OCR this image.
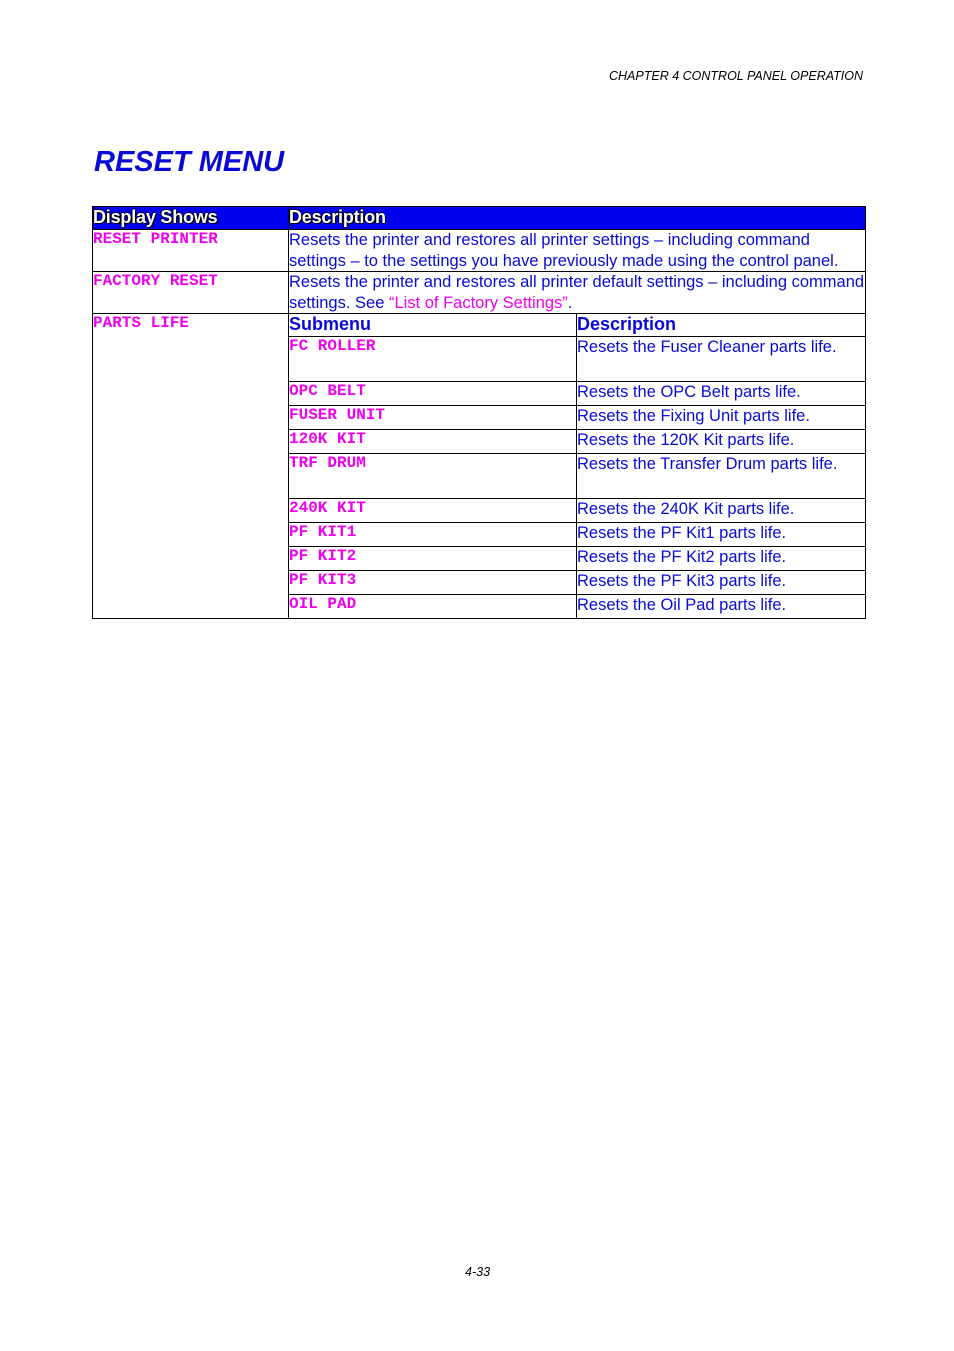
CHAPTER 4 CONTROL PANEL OPERATION
RESET MENU
Display Shows	Description	
RESET PRINTER	Resets the printer and restores all printer settings – including command settings – to the settings you have previously made using the control panel.	
FACTORY RESET	Resets the printer and restores all printer default settings – including command settings. See “List of Factory Settings”.	
PARTS LIFE	Submenu	Description
	FC ROLLER	Resets the Fuser Cleaner parts life.
	OPC BELT	Resets the OPC Belt parts life.
	FUSER UNIT	Resets the Fixing Unit parts life.
	120K KIT	Resets the 120K Kit parts life.
	TRF DRUM	Resets the Transfer Drum parts life.
	240K KIT	Resets the 240K Kit parts life.
	PF KIT1	Resets the PF Kit1 parts life.
	PF KIT2	Resets the PF Kit2 parts life.
	PF KIT3	Resets the PF Kit3 parts life.
	OIL PAD	Resets the Oil Pad parts life.
4-33
